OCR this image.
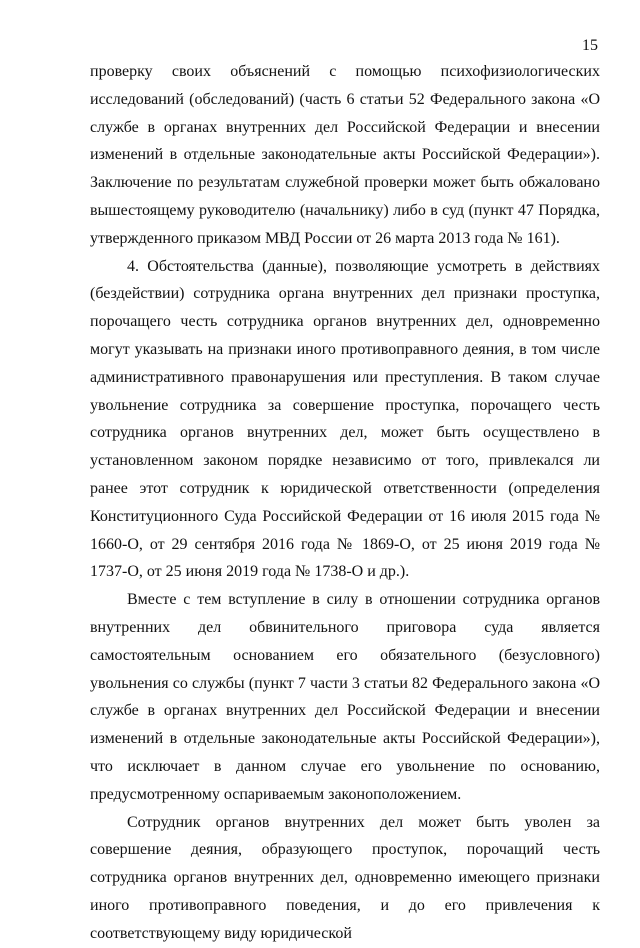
15

проверку своих объяснений с помощью психофизиологических исследований (обследований) (часть 6 статьи 52 Федерального закона «О службе в органах внутренних дел Российской Федерации и внесении изменений в отдельные законодательные акты Российской Федерации»). Заключение по результатам служебной проверки может быть обжаловано вышестоящему руководителю (начальнику) либо в суд (пункт 47 Порядка, утвержденного приказом МВД России от 26 марта 2013 года № 161).

4. Обстоятельства (данные), позволяющие усмотреть в действиях (бездействии) сотрудника органа внутренних дел признаки проступка, порочащего честь сотрудника органов внутренних дел, одновременно могут указывать на признаки иного противоправного деяния, в том числе административного правонарушения или преступления. В таком случае увольнение сотрудника за совершение проступка, порочащего честь сотрудника органов внутренних дел, может быть осуществлено в установленном законом порядке независимо от того, привлекался ли ранее этот сотрудник к юридической ответственности (определения Конституционного Суда Российской Федерации от 16 июля 2015 года № 1660-О, от 29 сентября 2016 года № 1869-О, от 25 июня 2019 года № 1737-О, от 25 июня 2019 года № 1738-О и др.).

Вместе с тем вступление в силу в отношении сотрудника органов внутренних дел обвинительного приговора суда является самостоятельным основанием его обязательного (безусловного) увольнения со службы (пункт 7 части 3 статьи 82 Федерального закона «О службе в органах внутренних дел Российской Федерации и внесении изменений в отдельные законодательные акты Российской Федерации»), что исключает в данном случае его увольнение по основанию, предусмотренному оспариваемым законоположением.

Сотрудник органов внутренних дел может быть уволен за совершение деяния, образующего проступок, порочащий честь сотрудника органов внутренних дел, одновременно имеющего признаки иного противоправного поведения, и до его привлечения к соответствующему виду юридической
